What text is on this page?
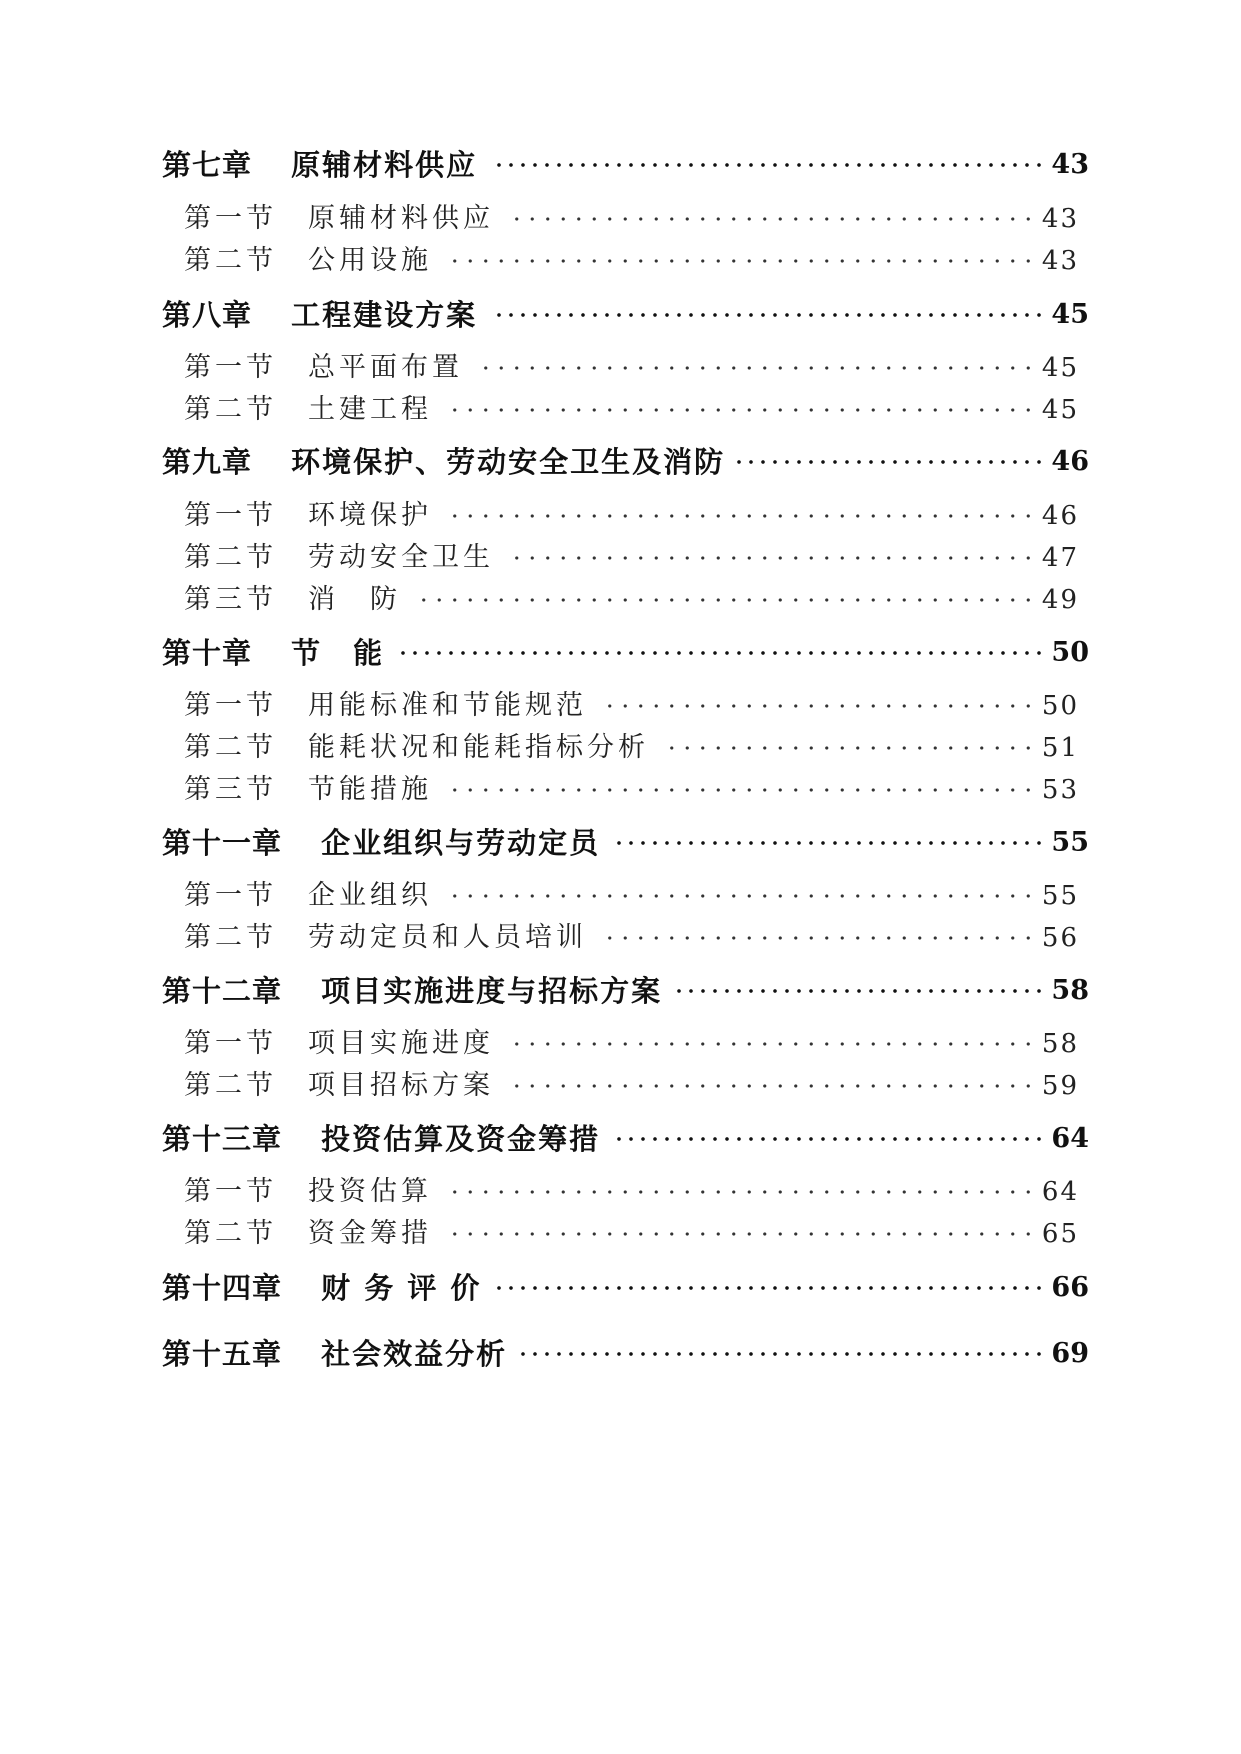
第七章　 原辅材料供应	43
第一节　 原辅材料供应	43
第二节　 公用设施	43
第八章　 工程建设方案	45
第一节　 总平面布置	45
第二节　 土建工程	45
第九章　 环境保护、劳动安全卫生及消防	46
第一节　 环境保护	46
第二节　 劳动安全卫生	47
第三节　 消　防	49
第十章　 节　能	50
第一节　 用能标准和节能规范	50
第二节　 能耗状况和能耗指标分析	51
第三节　 节能措施	53
第十一章　 企业组织与劳动定员	55
第一节　 企业组织	55
第二节　 劳动定员和人员培训	56
第十二章　 项目实施进度与招标方案	58
第一节　 项目实施进度	58
第二节　 项目招标方案	59
第十三章　 投资估算及资金筹措	64
第一节　 投资估算	64
第二节　 资金筹措	65
第十四章　 财 务 评 价	66
第十五章　 社会效益分析	69
